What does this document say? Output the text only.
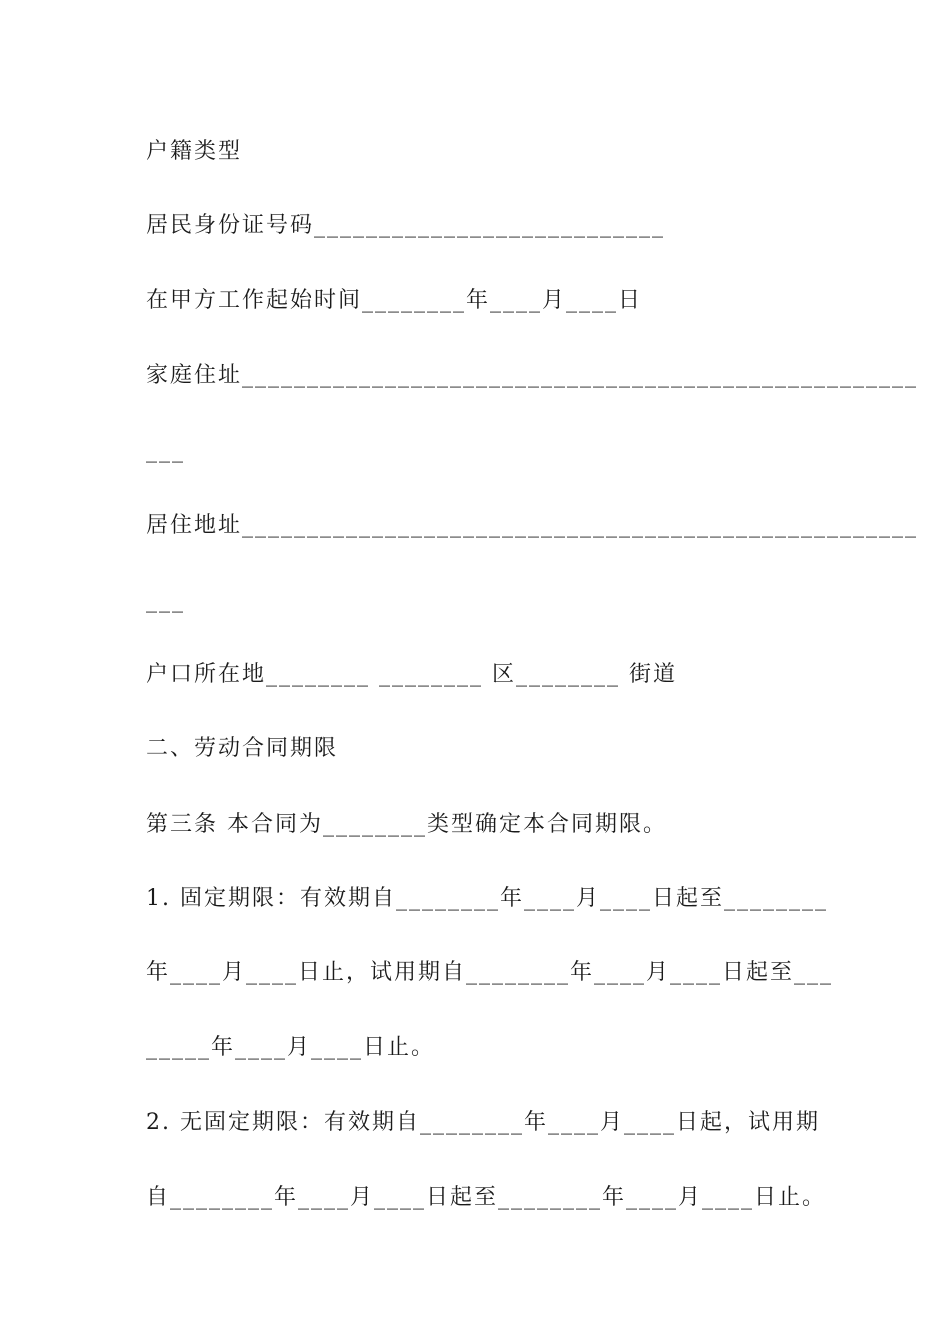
户籍类型
居民身份证号码___________________________
在甲方工作起始时间________年____月____日
家庭住址____________________________________________________
___
居住地址____________________________________________________
___
户口所在地________ ________ 区________ 街道
二、劳动合同期限
第三条 本合同为________类型确定本合同期限。
1. 固定期限：有效期自________年____月____日起至________
年____月____日止，试用期自________年____月____日起至___
_____年____月____日止。
2. 无固定期限：有效期自________年____月____日起，试用期
自________年____月____日起至________年____月____日止。
